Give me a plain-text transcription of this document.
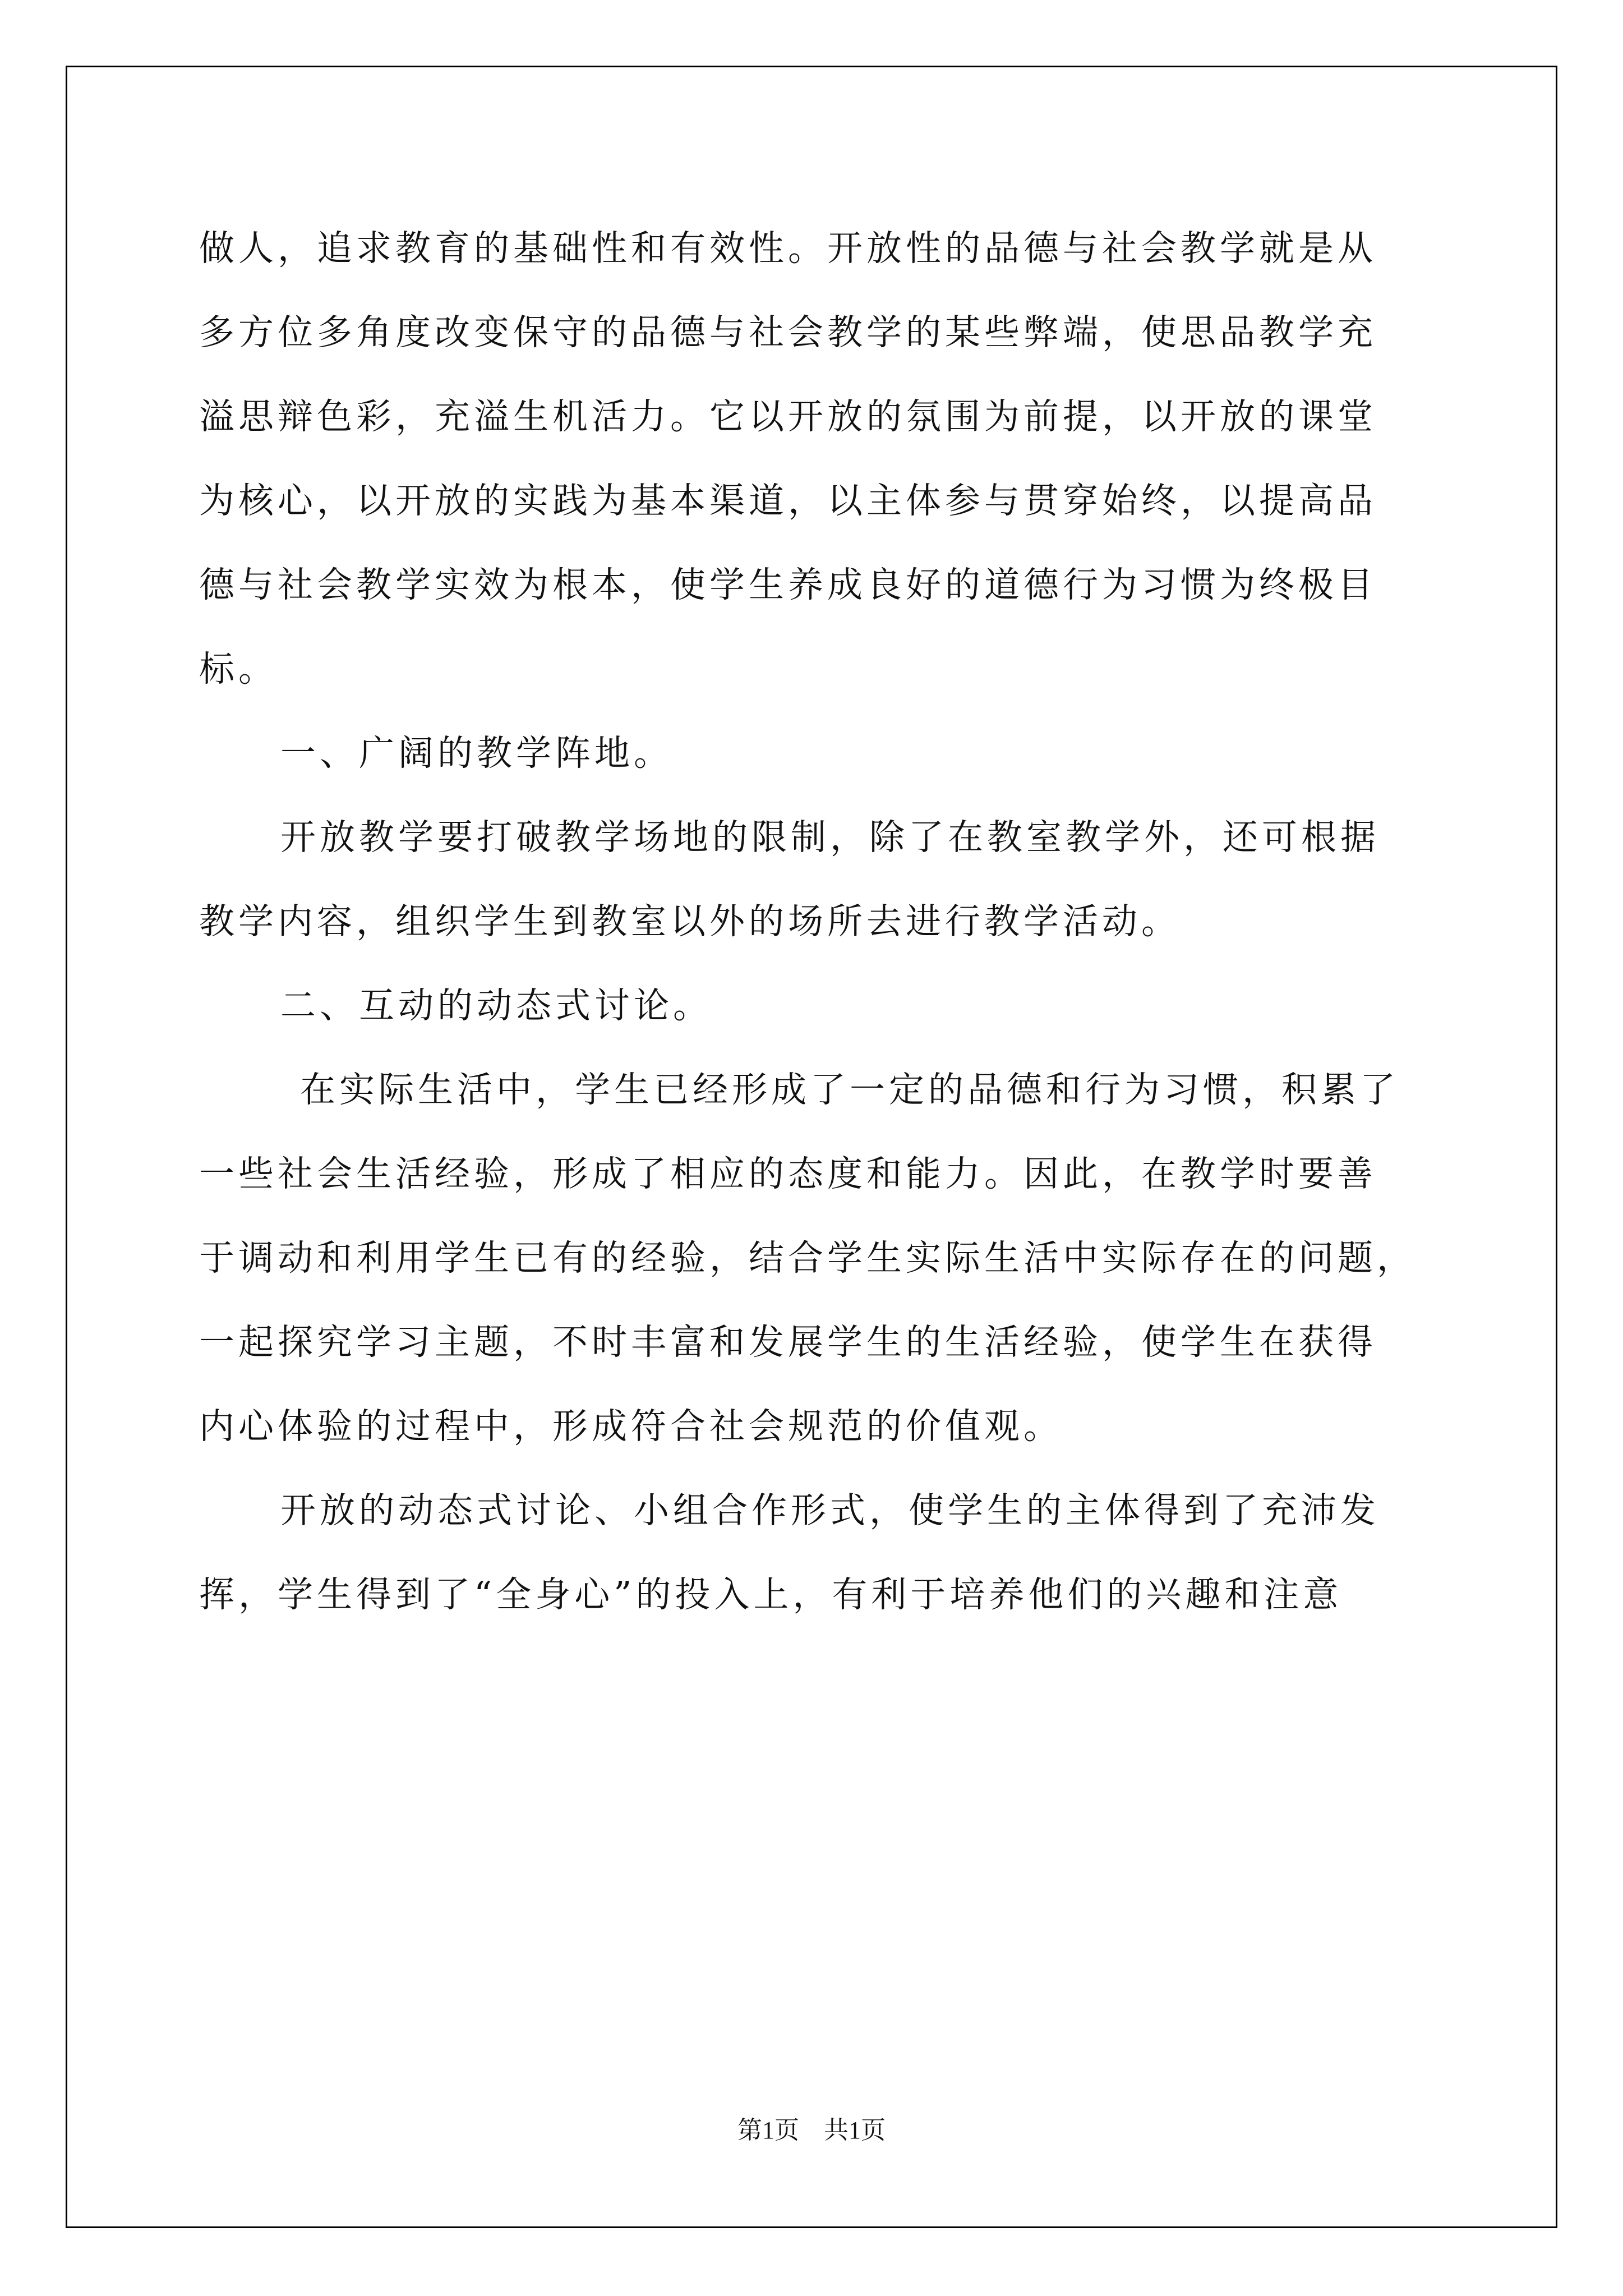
做人，追求教育的基础性和有效性。开放性的品德与社会教学就是从
多方位多角度改变保守的品德与社会教学的某些弊端，使思品教学充
溢思辩色彩，充溢生机活力。它以开放的氛围为前提，以开放的课堂
为核心，以开放的实践为基本渠道，以主体参与贯穿始终，以提高品
德与社会教学实效为根本，使学生养成良好的道德行为习惯为终极目
标。
一、广阔的教学阵地。
开放教学要打破教学场地的限制，除了在教室教学外，还可根据
教学内容，组织学生到教室以外的场所去进行教学活动。
二、互动的动态式讨论。
在实际生活中，学生已经形成了一定的品德和行为习惯，积累了
一些社会生活经验，形成了相应的态度和能力。因此，在教学时要善
于调动和利用学生已有的经验，结合学生实际生活中实际存在的问题，
一起探究学习主题，不时丰富和发展学生的生活经验，使学生在获得
内心体验的过程中，形成符合社会规范的价值观。
开放的动态式讨论、小组合作形式，使学生的主体得到了充沛发
挥，学生得到了“全身心”的投入上，有利于培养他们的兴趣和注意
第1页　共1页
